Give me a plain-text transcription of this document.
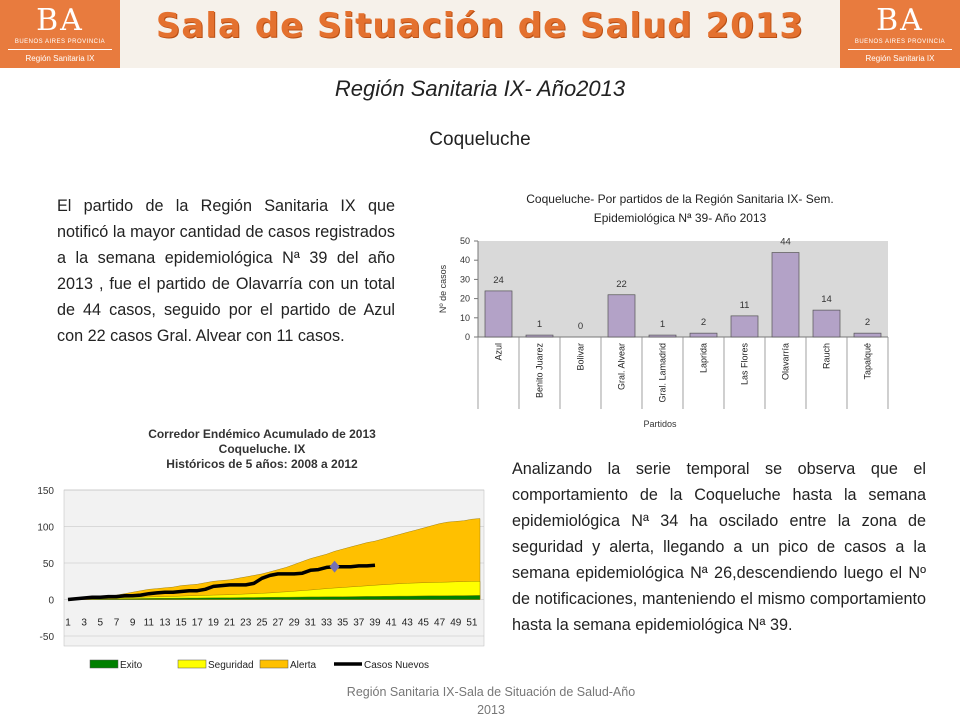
BA
BUENOS AIRES PROVINCIA
Región Sanitaria IX
Sala de Situación de Salud 2013	BA
BUENOS AIRES PROVINCIA
Región Sanitaria IX
Región Sanitaria IX- Año2013
Coqueluche
El partido de la Región Sanitaria IX que notificó la mayor cantidad de casos registrados a la semana epidemiológica Nª 39 del año 2013 , fue el partido de Olavarría con un total de 44 casos, seguido por el partido de Azul con 22 casos Gral. Alvear con 11 casos.
Analizando la serie temporal se observa que el comportamiento de la Coqueluche hasta la semana epidemiológica Nª 34 ha oscilado entre la zona de seguridad y alerta, llegando a un pico de casos a la semana epidemiológica Nª 26,descendiendo luego el Nº de notificaciones, manteniendo el mismo comportamiento hasta la semana epidemiológica Nª 39.
Coqueluche- Por partidos de la Región Sanitaria IX- Sem.
Epidemiológica Nª 39- Año 2013
0
10
20
30
40
50
24
Azul
1
Benito Juarez
0
Bolivar
22
Gral. Alvear
1
Gral. Lamadrid
2
Laprida
11
Las Flores
44
Olavarría
14
Rauch
2
Tapalqué
Nº de casos
Partidos
Corredor Endémico Acumulado de 2013
Coqueluche. IX
Históricos de 5 años: 2008 a 2012
-50
0
50
100
150
1 3 5 7 9 11 13 15 17 19 21 23 25 27 29 31 33 35 37 39 41 43 45 47 49 51
Exito	Seguridad	Alerta	Casos Nuevos
Región Sanitaria IX-Sala de Situación de Salud-Año 2013
